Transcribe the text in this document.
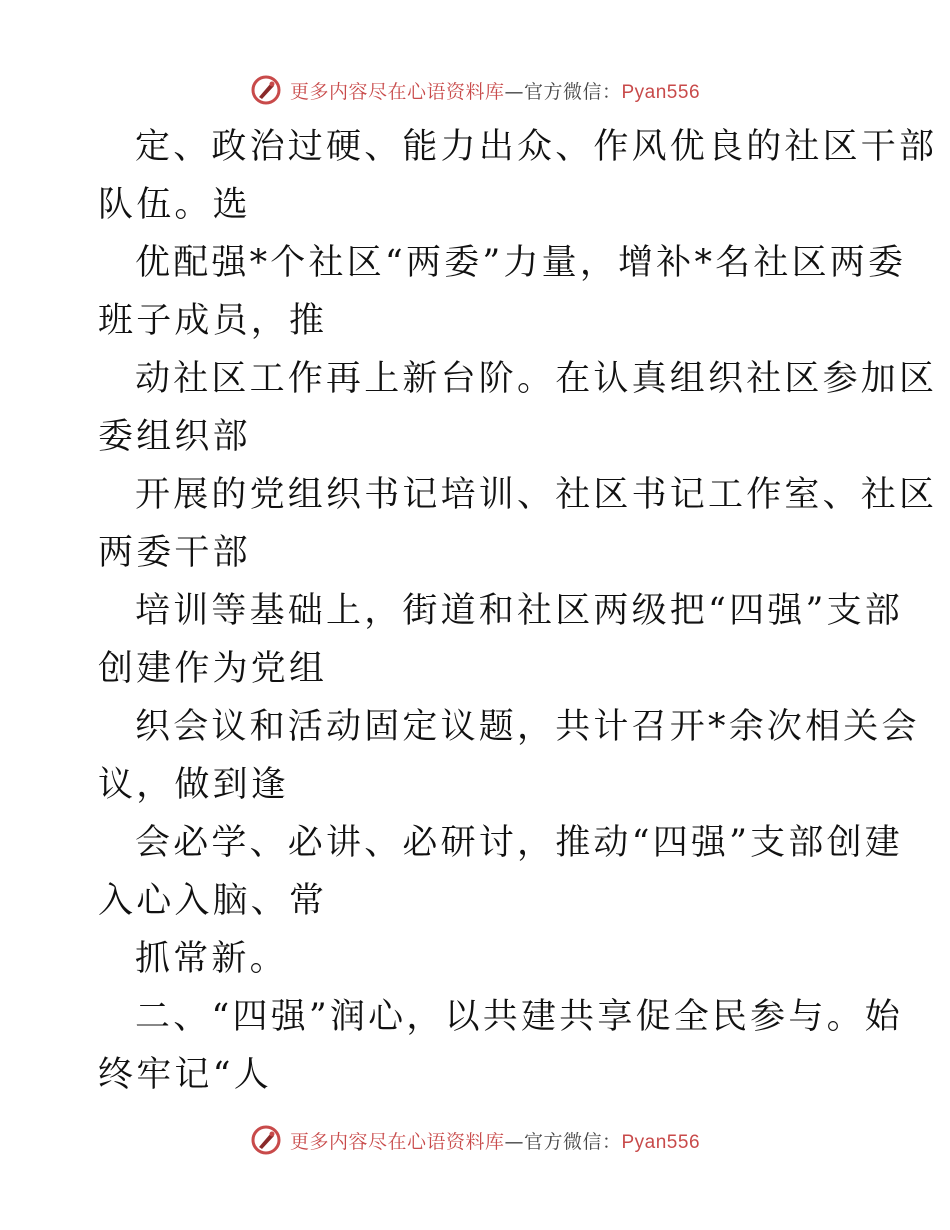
更多内容尽在心语资料库—官方微信：Pyan556
定、政治过硬、能力出众、作风优良的社区干部
队伍。选
优配强*个社区“两委”力量，增补*名社区两委
班子成员，推
动社区工作再上新台阶。在认真组织社区参加区
委组织部
开展的党组织书记培训、社区书记工作室、社区
两委干部
培训等基础上，街道和社区两级把“四强”支部
创建作为党组
织会议和活动固定议题，共计召开*余次相关会
议，做到逢
会必学、必讲、必研讨，推动“四强”支部创建
入心入脑、常
抓常新。
二、“四强”润心，以共建共享促全民参与。始
终牢记“人
更多内容尽在心语资料库—官方微信：Pyan556
